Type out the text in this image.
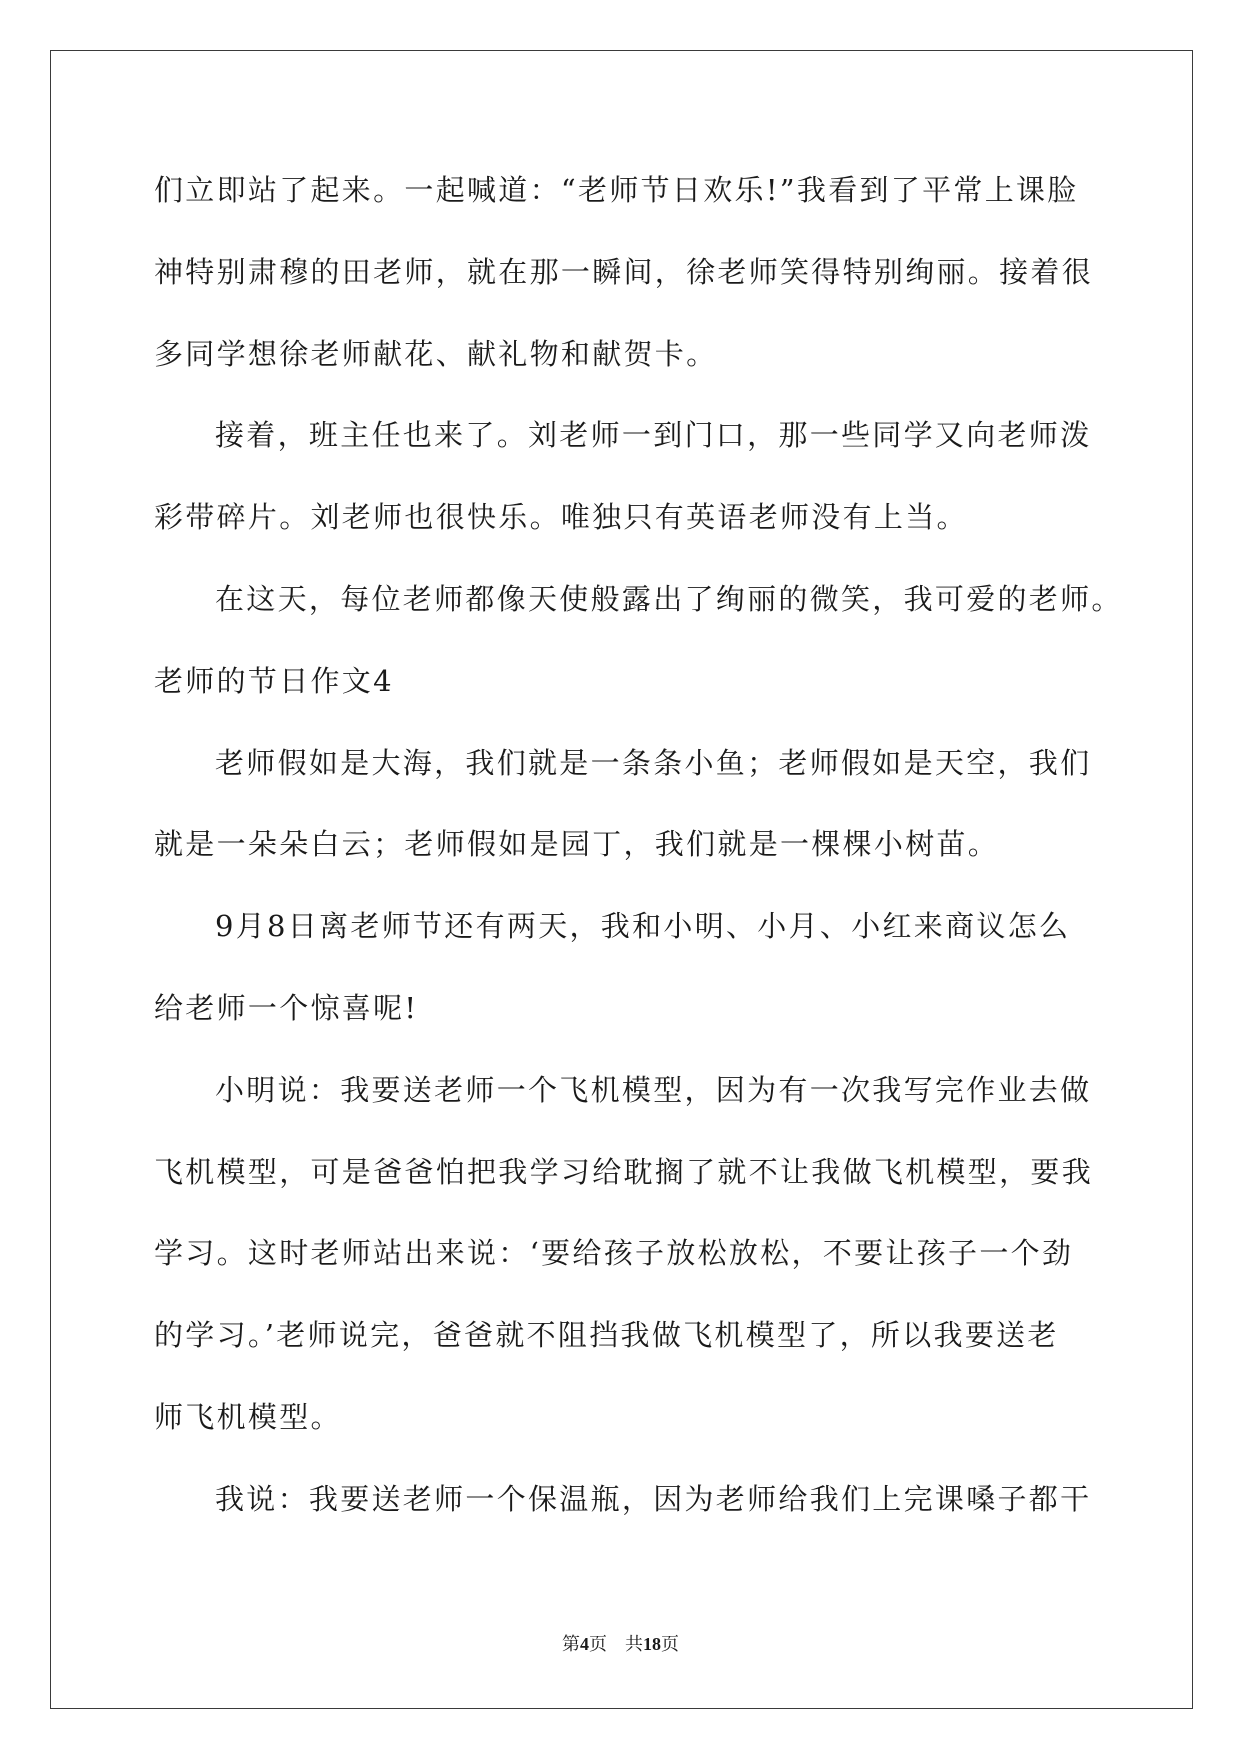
们立即站了起来。一起喊道：“老师节日欢乐!”我看到了平常上课脸
神特别肃穆的田老师，就在那一瞬间，徐老师笑得特别绚丽。接着很
多同学想徐老师献花、献礼物和献贺卡。
接着，班主任也来了。刘老师一到门口，那一些同学又向老师泼
彩带碎片。刘老师也很快乐。唯独只有英语老师没有上当。
在这天，每位老师都像天使般露出了绚丽的微笑，我可爱的老师。
老师的节日作文4
老师假如是大海，我们就是一条条小鱼；老师假如是天空，我们
就是一朵朵白云；老师假如是园丁，我们就是一棵棵小树苗。
9月8日离老师节还有两天，我和小明、小月、小红来商议怎么
给老师一个惊喜呢!
小明说：我要送老师一个飞机模型，因为有一次我写完作业去做
飞机模型，可是爸爸怕把我学习给耽搁了就不让我做飞机模型，要我
学习。这时老师站出来说：‘要给孩子放松放松，不要让孩子一个劲
的学习。’老师说完，爸爸就不阻挡我做飞机模型了，所以我要送老
师飞机模型。
我说：我要送老师一个保温瓶，因为老师给我们上完课嗓子都干
第4页 共18页
